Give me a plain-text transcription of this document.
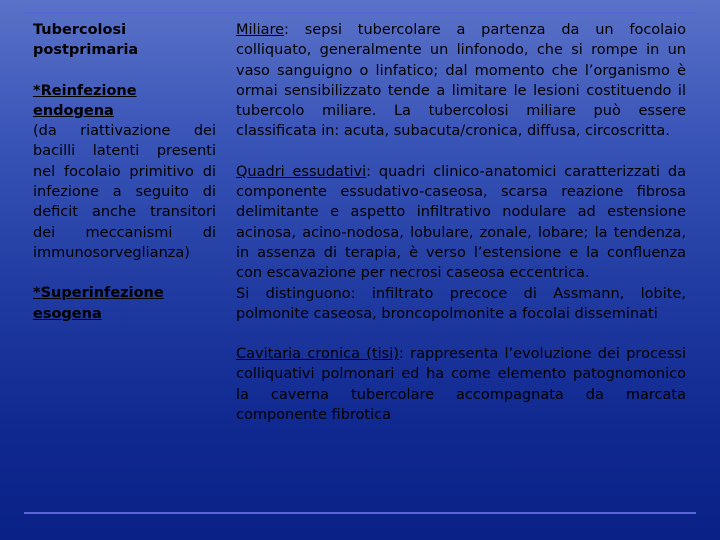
Tubercolosi postprimaria
*Reinfezione endogena
(da riattivazione dei bacilli latenti presenti nel focolaio primitivo di infezione a seguito di deficit anche transitori dei meccanismi di immunosorveglianza)
*Superinfezione esogena

Miliare: sepsi tubercolare a partenza da un focolaio colliquato, generalmente un linfonodo, che si rompe in un vaso sanguigno o linfatico; dal momento che l’organismo è ormai sensibilizzato tende a limitare le lesioni costituendo il tubercolo miliare. La tubercolosi miliare può essere classificata in: acuta, subacuta/cronica, diffusa, circoscritta.

Quadri essudativi: quadri clinico-anatomici caratterizzati da componente essudativo-caseosa, scarsa reazione fibrosa delimitante e aspetto infiltrativo nodulare ad estensione acinosa, acino-nodosa, lobulare, zonale, lobare; la tendenza, in assenza di terapia, è verso l’estensione e la confluenza con escavazione per necrosi caseosa eccentrica.

Si distinguono: infiltrato precoce di Assmann, lobite, polmonite caseosa, broncopolmonite a focolai disseminati

Cavitaria cronica (tisi): rappresenta l’evoluzione dei processi colliquativi polmonari ed ha come elemento patognomonico la caverna tubercolare accompagnata da marcata componente fibrotica
